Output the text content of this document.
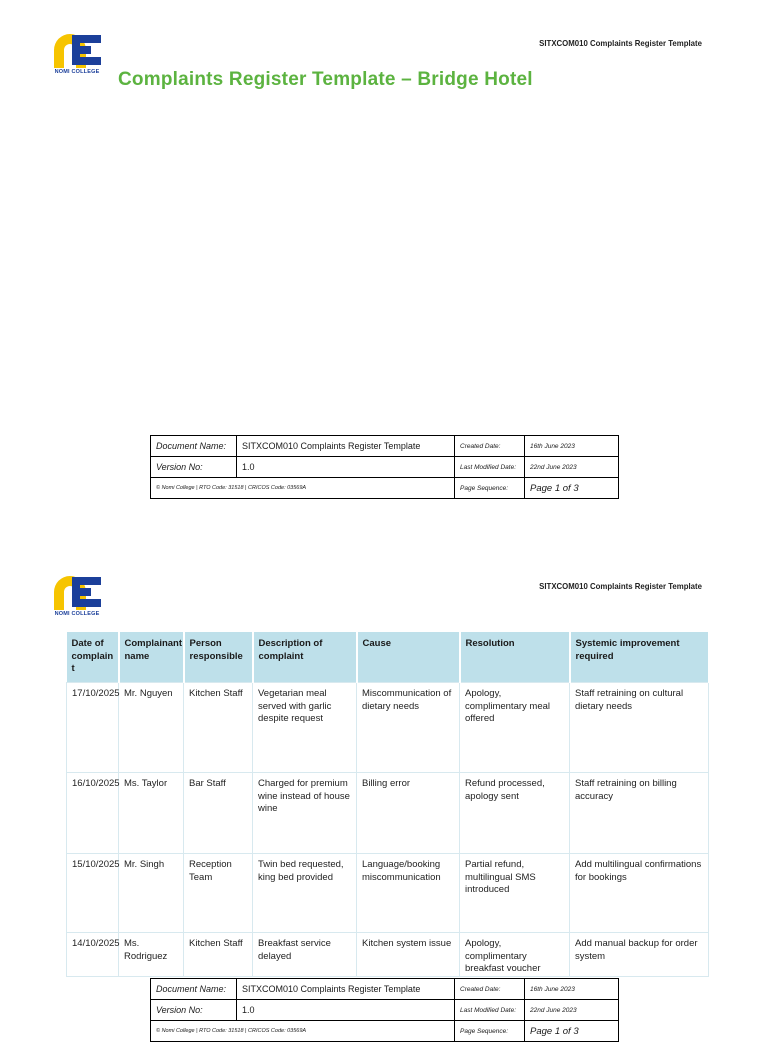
NOMI COLLEGE
SITXCOM010 Complaints Register Template
Complaints Register Template – Bridge Hotel
Document Name:	SITXCOM010 Complaints Register Template	Created Date:	16th June 2023
Version No:	1.0	Last Modified Date:	22nd June 2023
© Nomi College | RTO Code: 31518 | CRICOS Code: 03569A		Page Sequence:	Page 1 of 3
NOMI COLLEGE
SITXCOM010 Complaints Register Template
Date of complain t	Complainant name	Person responsible	Description of complaint	Cause	Resolution	Systemic improvement required
17/10/2025	Mr. Nguyen	Kitchen Staff	Vegetarian meal served with garlic despite request	Miscommunication of dietary needs	Apology, complimentary meal offered	Staff retraining on cultural dietary needs
16/10/2025	Ms. Taylor	Bar Staff	Charged for premium wine instead of house wine	Billing error	Refund processed, apology sent	Staff retraining on billing accuracy
15/10/2025	Mr. Singh	Reception Team	Twin bed requested, king bed provided	Language/booking miscommunication	Partial refund, multilingual SMS introduced	Add multilingual confirmations for bookings
14/10/2025	Ms. Rodriguez	Kitchen Staff	Breakfast service delayed	Kitchen system issue	Apology, complimentary breakfast voucher	Add manual backup for order system
Document Name:	SITXCOM010 Complaints Register Template	Created Date:	16th June 2023
Version No:	1.0	Last Modified Date:	22nd June 2023
© Nomi College | RTO Code: 31518 | CRICOS Code: 03569A		Page Sequence:	Page 1 of 3
